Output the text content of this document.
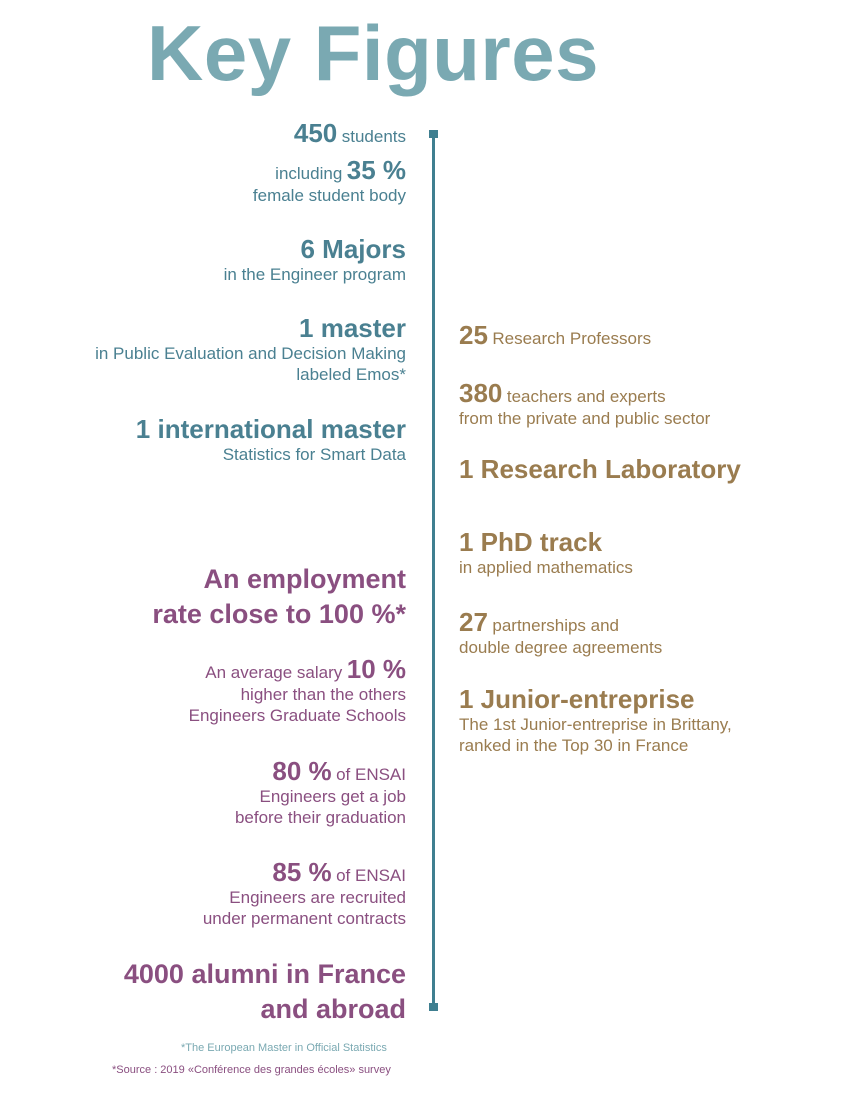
Key Figures
450 students
including 35 %
female student body
6 Majors
in the Engineer program
1 master
in Public Evaluation and Decision Making
labeled Emos*
1 international master
Statistics for Smart Data
25 Research Professors
380 teachers and experts
from the private and public sector
1 Research Laboratory
1 PhD track
in applied mathematics
27 partnerships and
double degree agreements
1 Junior-entreprise
The 1st Junior-entreprise in Brittany,
ranked in the Top 30 in France
An employment
rate close to 100 %*
An average salary 10 %
higher than the others
Engineers Graduate Schools
80 % of ENSAI
Engineers get a job
before their graduation
85 % of ENSAI
Engineers are recruited
under permanent contracts
4000 alumni in France
and abroad
*The European Master in Official Statistics
*Source : 2019 «Conférence des grandes écoles» survey
